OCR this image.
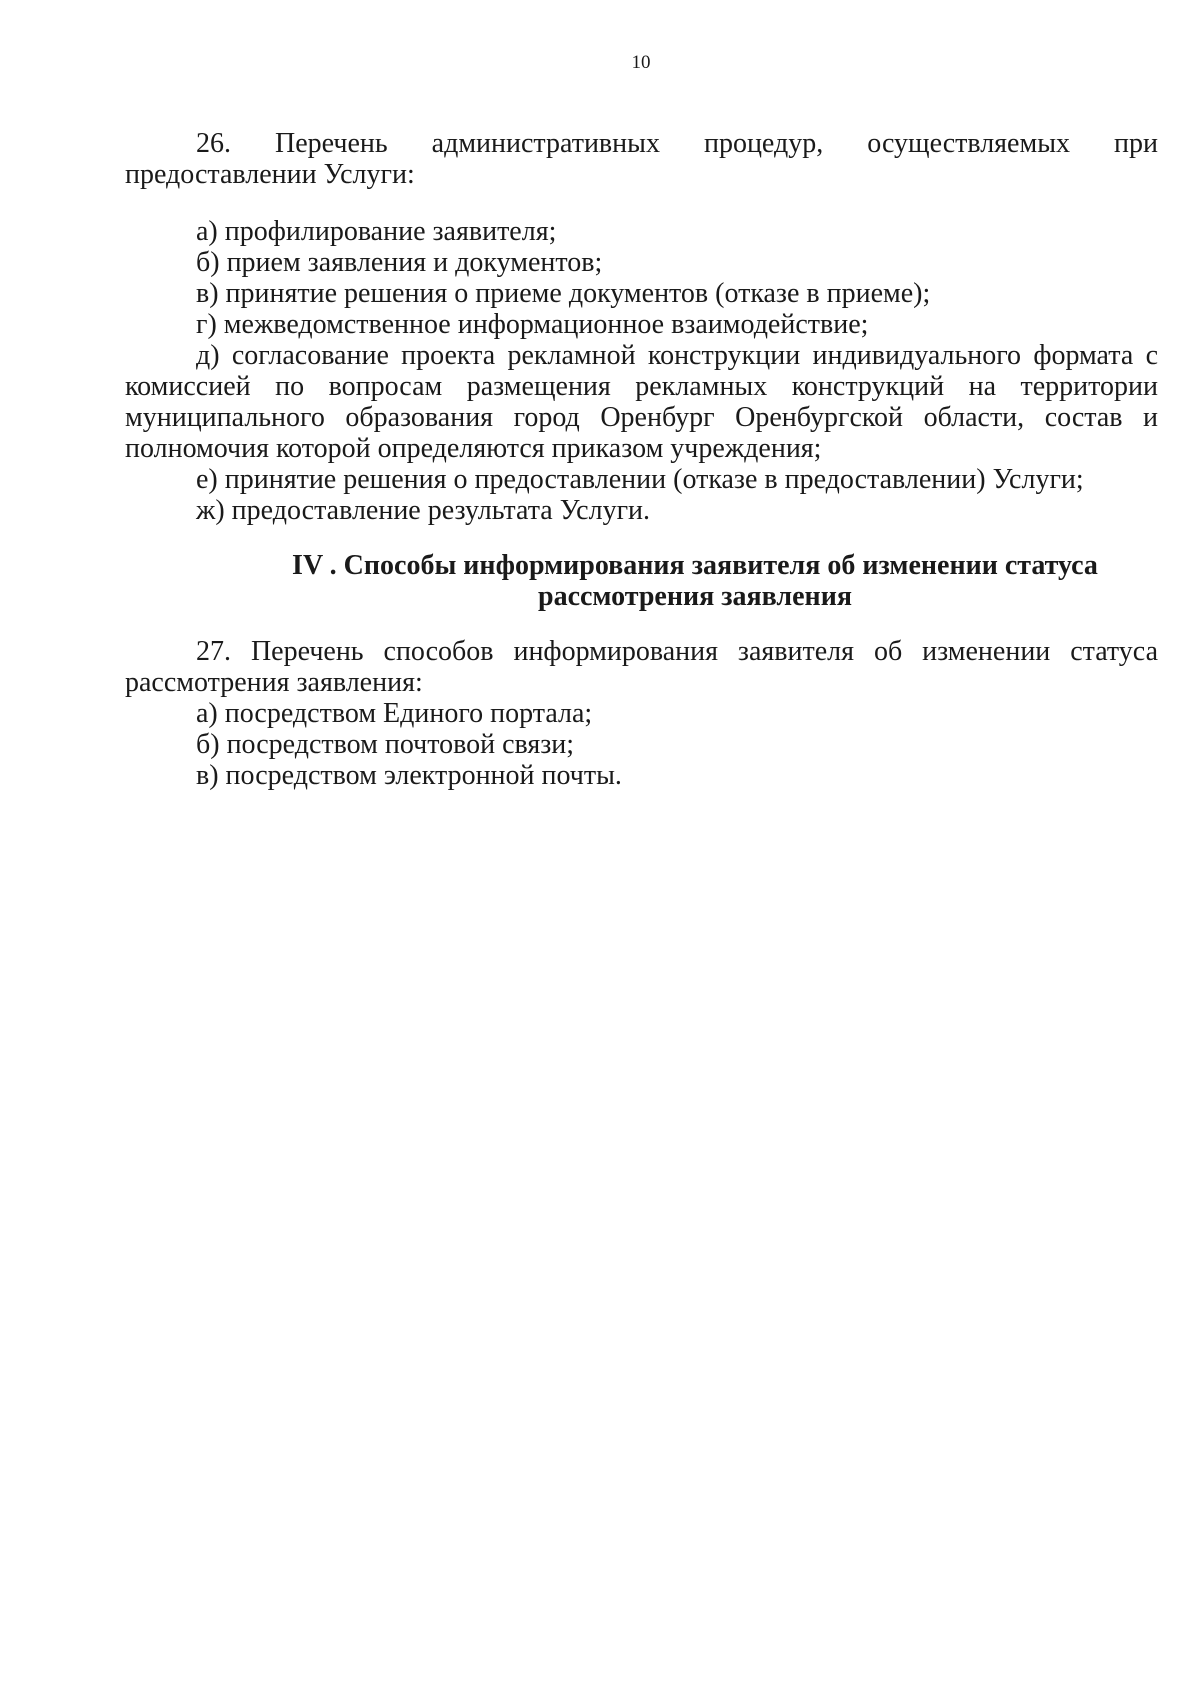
10

26. Перечень административных процедур, осуществляемых при предоставлении Услуги:

а) профилирование заявителя;

б) прием заявления и документов;

в) принятие решения о приеме документов (отказе в приеме);

г) межведомственное информационное взаимодействие;

д) согласование проекта рекламной конструкции индивидуального формата с комиссией по вопросам размещения рекламных конструкций на территории муниципального образования город Оренбург Оренбургской области, состав и полномочия которой определяются приказом учреждения;

е) принятие решения о предоставлении (отказе в предоставлении) Услуги;

ж) предоставление результата Услуги.

IV . Способы информирования заявителя об изменении статуса
рассмотрения заявления

27. Перечень способов информирования заявителя об изменении статуса рассмотрения заявления:

а) посредством Единого портала;

б) посредством почтовой связи;

в) посредством электронной почты.
